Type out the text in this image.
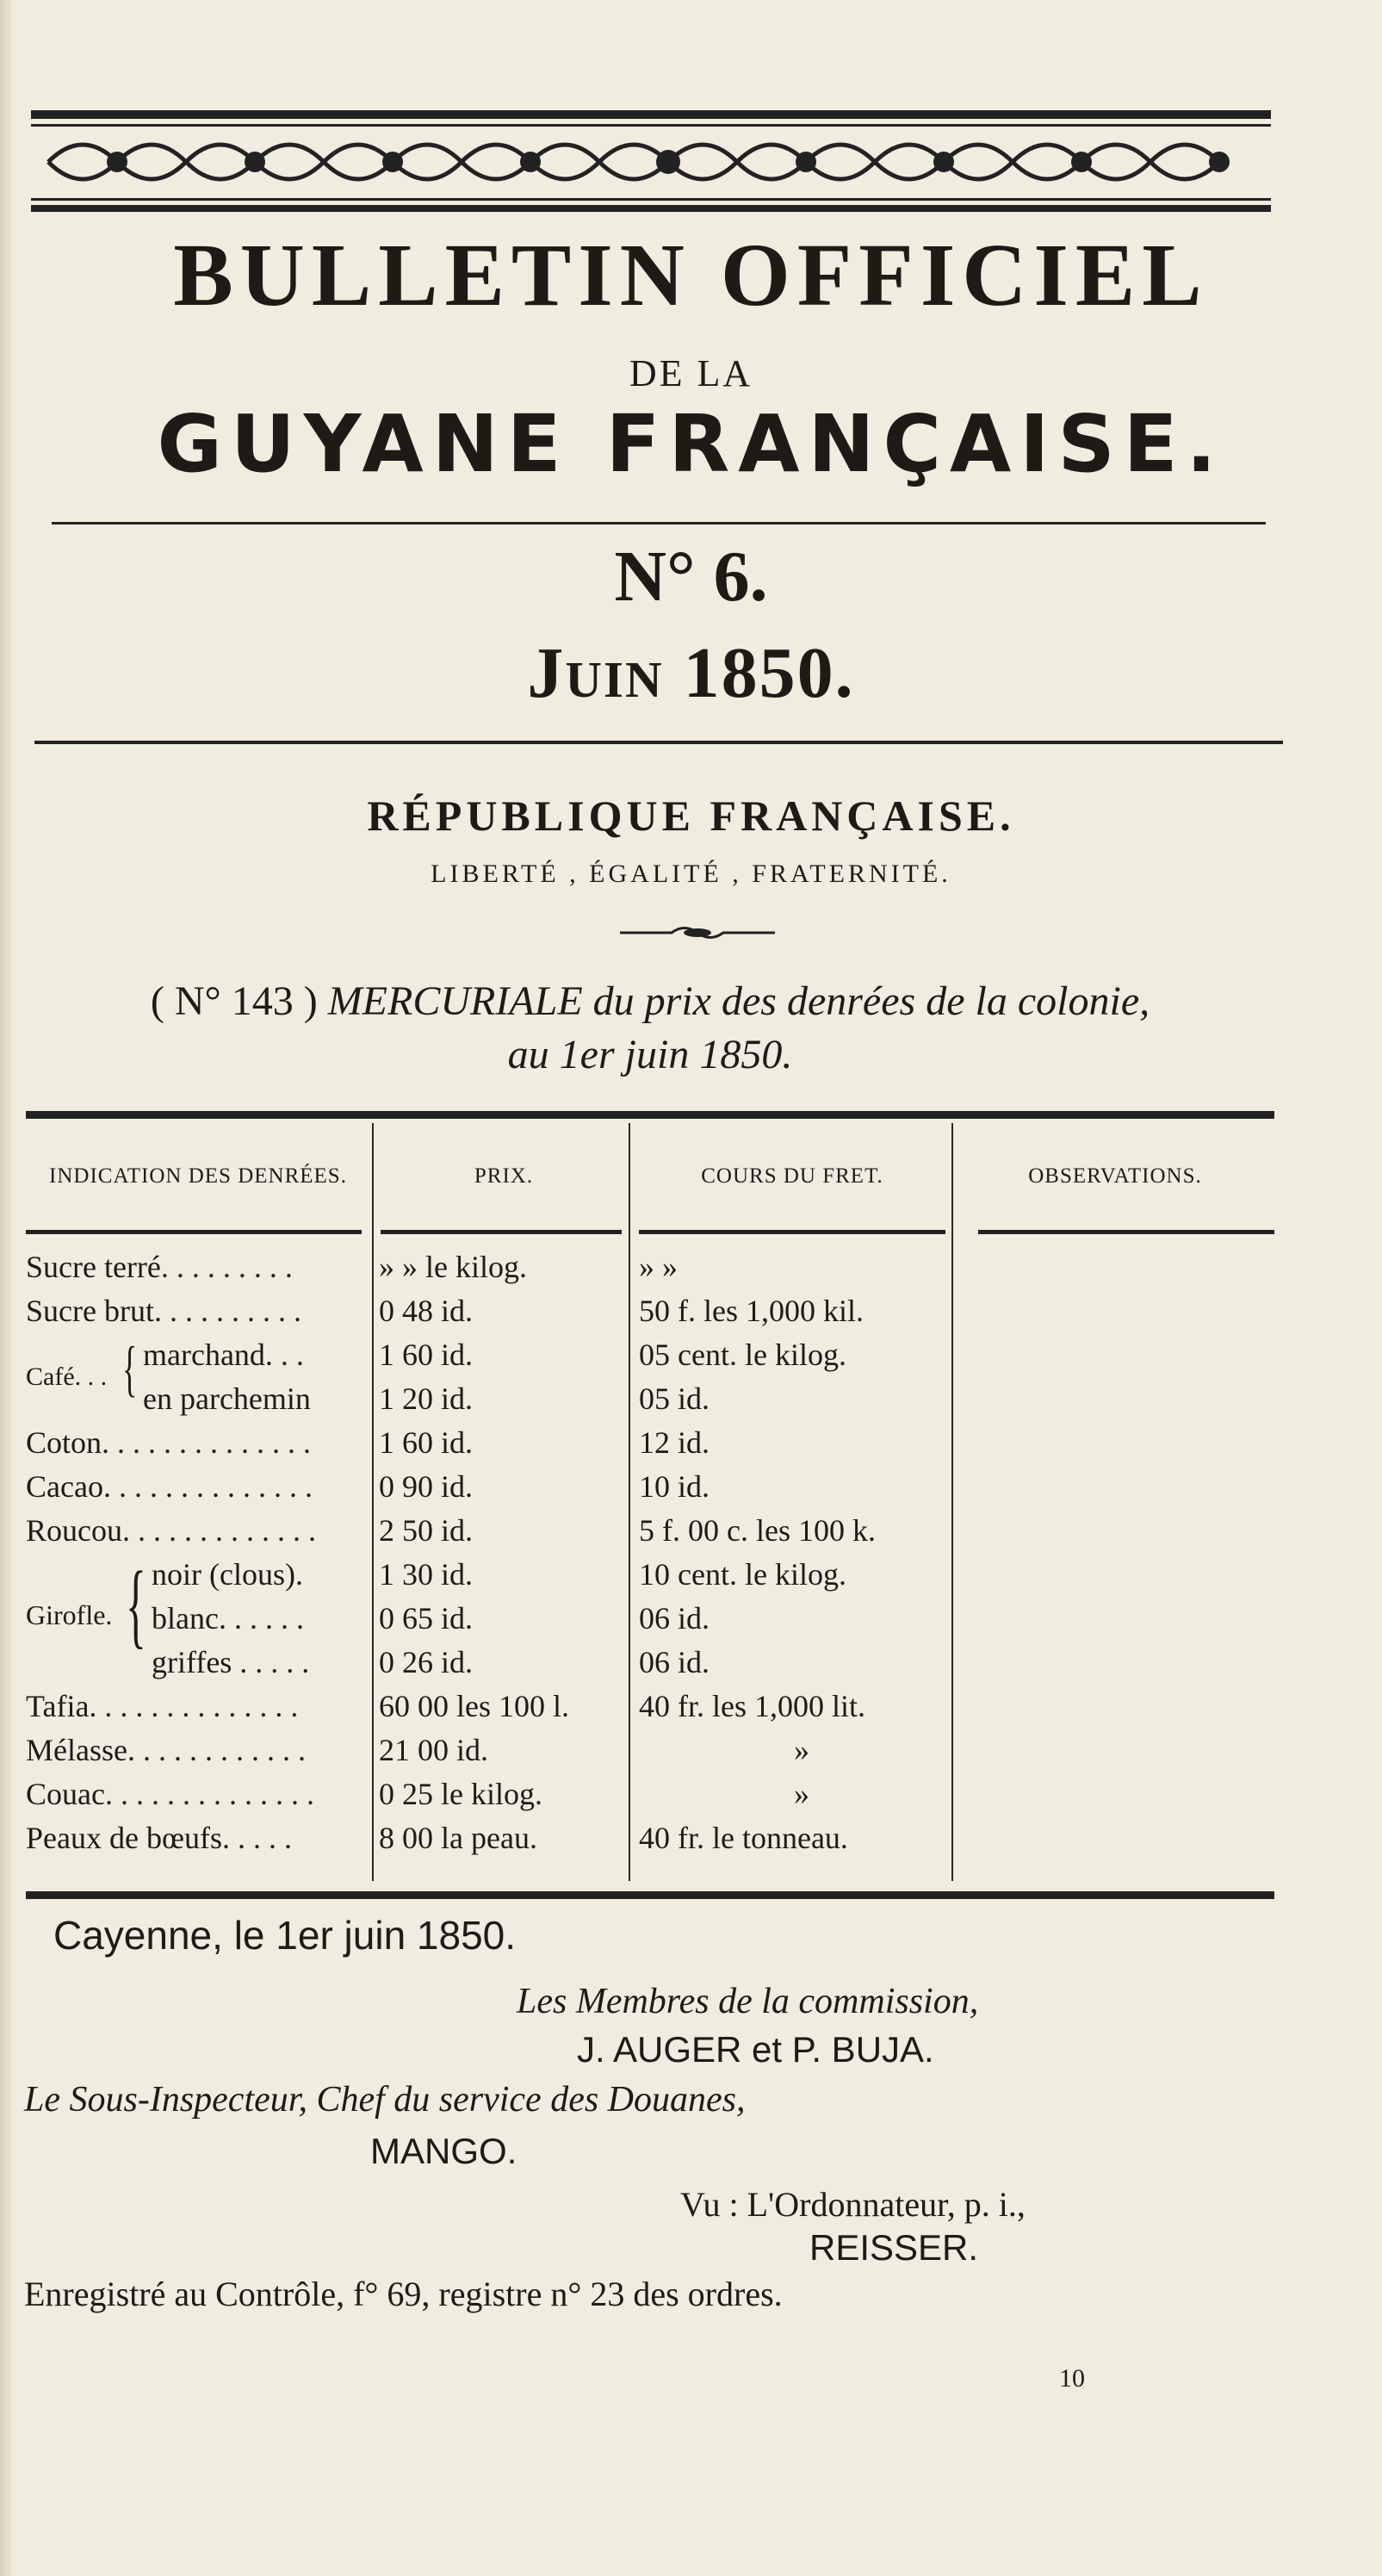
BULLETIN OFFICIEL
DE LA
GUYANE FRANÇAISE.
N° 6.
Juin 1850.
RÉPUBLIQUE FRANÇAISE.
LIBERTÉ , ÉGALITÉ , FRATERNITÉ.
( N° 143 ) MERCURIALE du prix des denrées de la colonie,
au 1er juin 1850.
INDICATION DES DENRÉES.	PRIX.	COURS DU FRET.	OBSERVATIONS.
Sucre terré. . . . . . . . .	» » le kilog.	» »
Sucre brut. . . . . . . . . .	0 48 id.	50 f. les 1,000 kil.
Café. . . { marchand. . . 1 60 id.	05 cent. le kilog.
en parchemin 1 20 id.	05 id.
Coton. . . . . . . . . . . . . . 1 60 id.	12 id.
Cacao. . . . . . . . . . . . . . 0 90 id.	10 id.
Roucou. . . . . . . . . . . . . 2 50 id.	5 f. 00 c. les 100 k.
Girofle. { noir (clous). 1 30 id.	10 cent. le kilog.
blanc. . . . . . 0 65 id.	06 id.
griffes . . . . . 0 26 id.	06 id.
Tafia. . . . . . . . . . . . . .	60 00 les 100 l. 40 fr. les 1,000 lit.
Mélasse. . . . . . . . . . . . 21 00 id.	»
Couac. . . . . . . . . . . . . . 0 25 le kilog.	»
Peaux de bœufs. . . . .	8 00 la peau.	40 fr. le tonneau.
Cayenne, le 1er juin 1850.
Les Membres de la commission,
J. AUGER et P. BUJA.
Le Sous-Inspecteur, Chef du service des Douanes,
MANGO.
Vu : L'Ordonnateur, p. i.,
REISSER.
Enregistré au Contrôle, f° 69, registre n° 23 des ordres.
10
